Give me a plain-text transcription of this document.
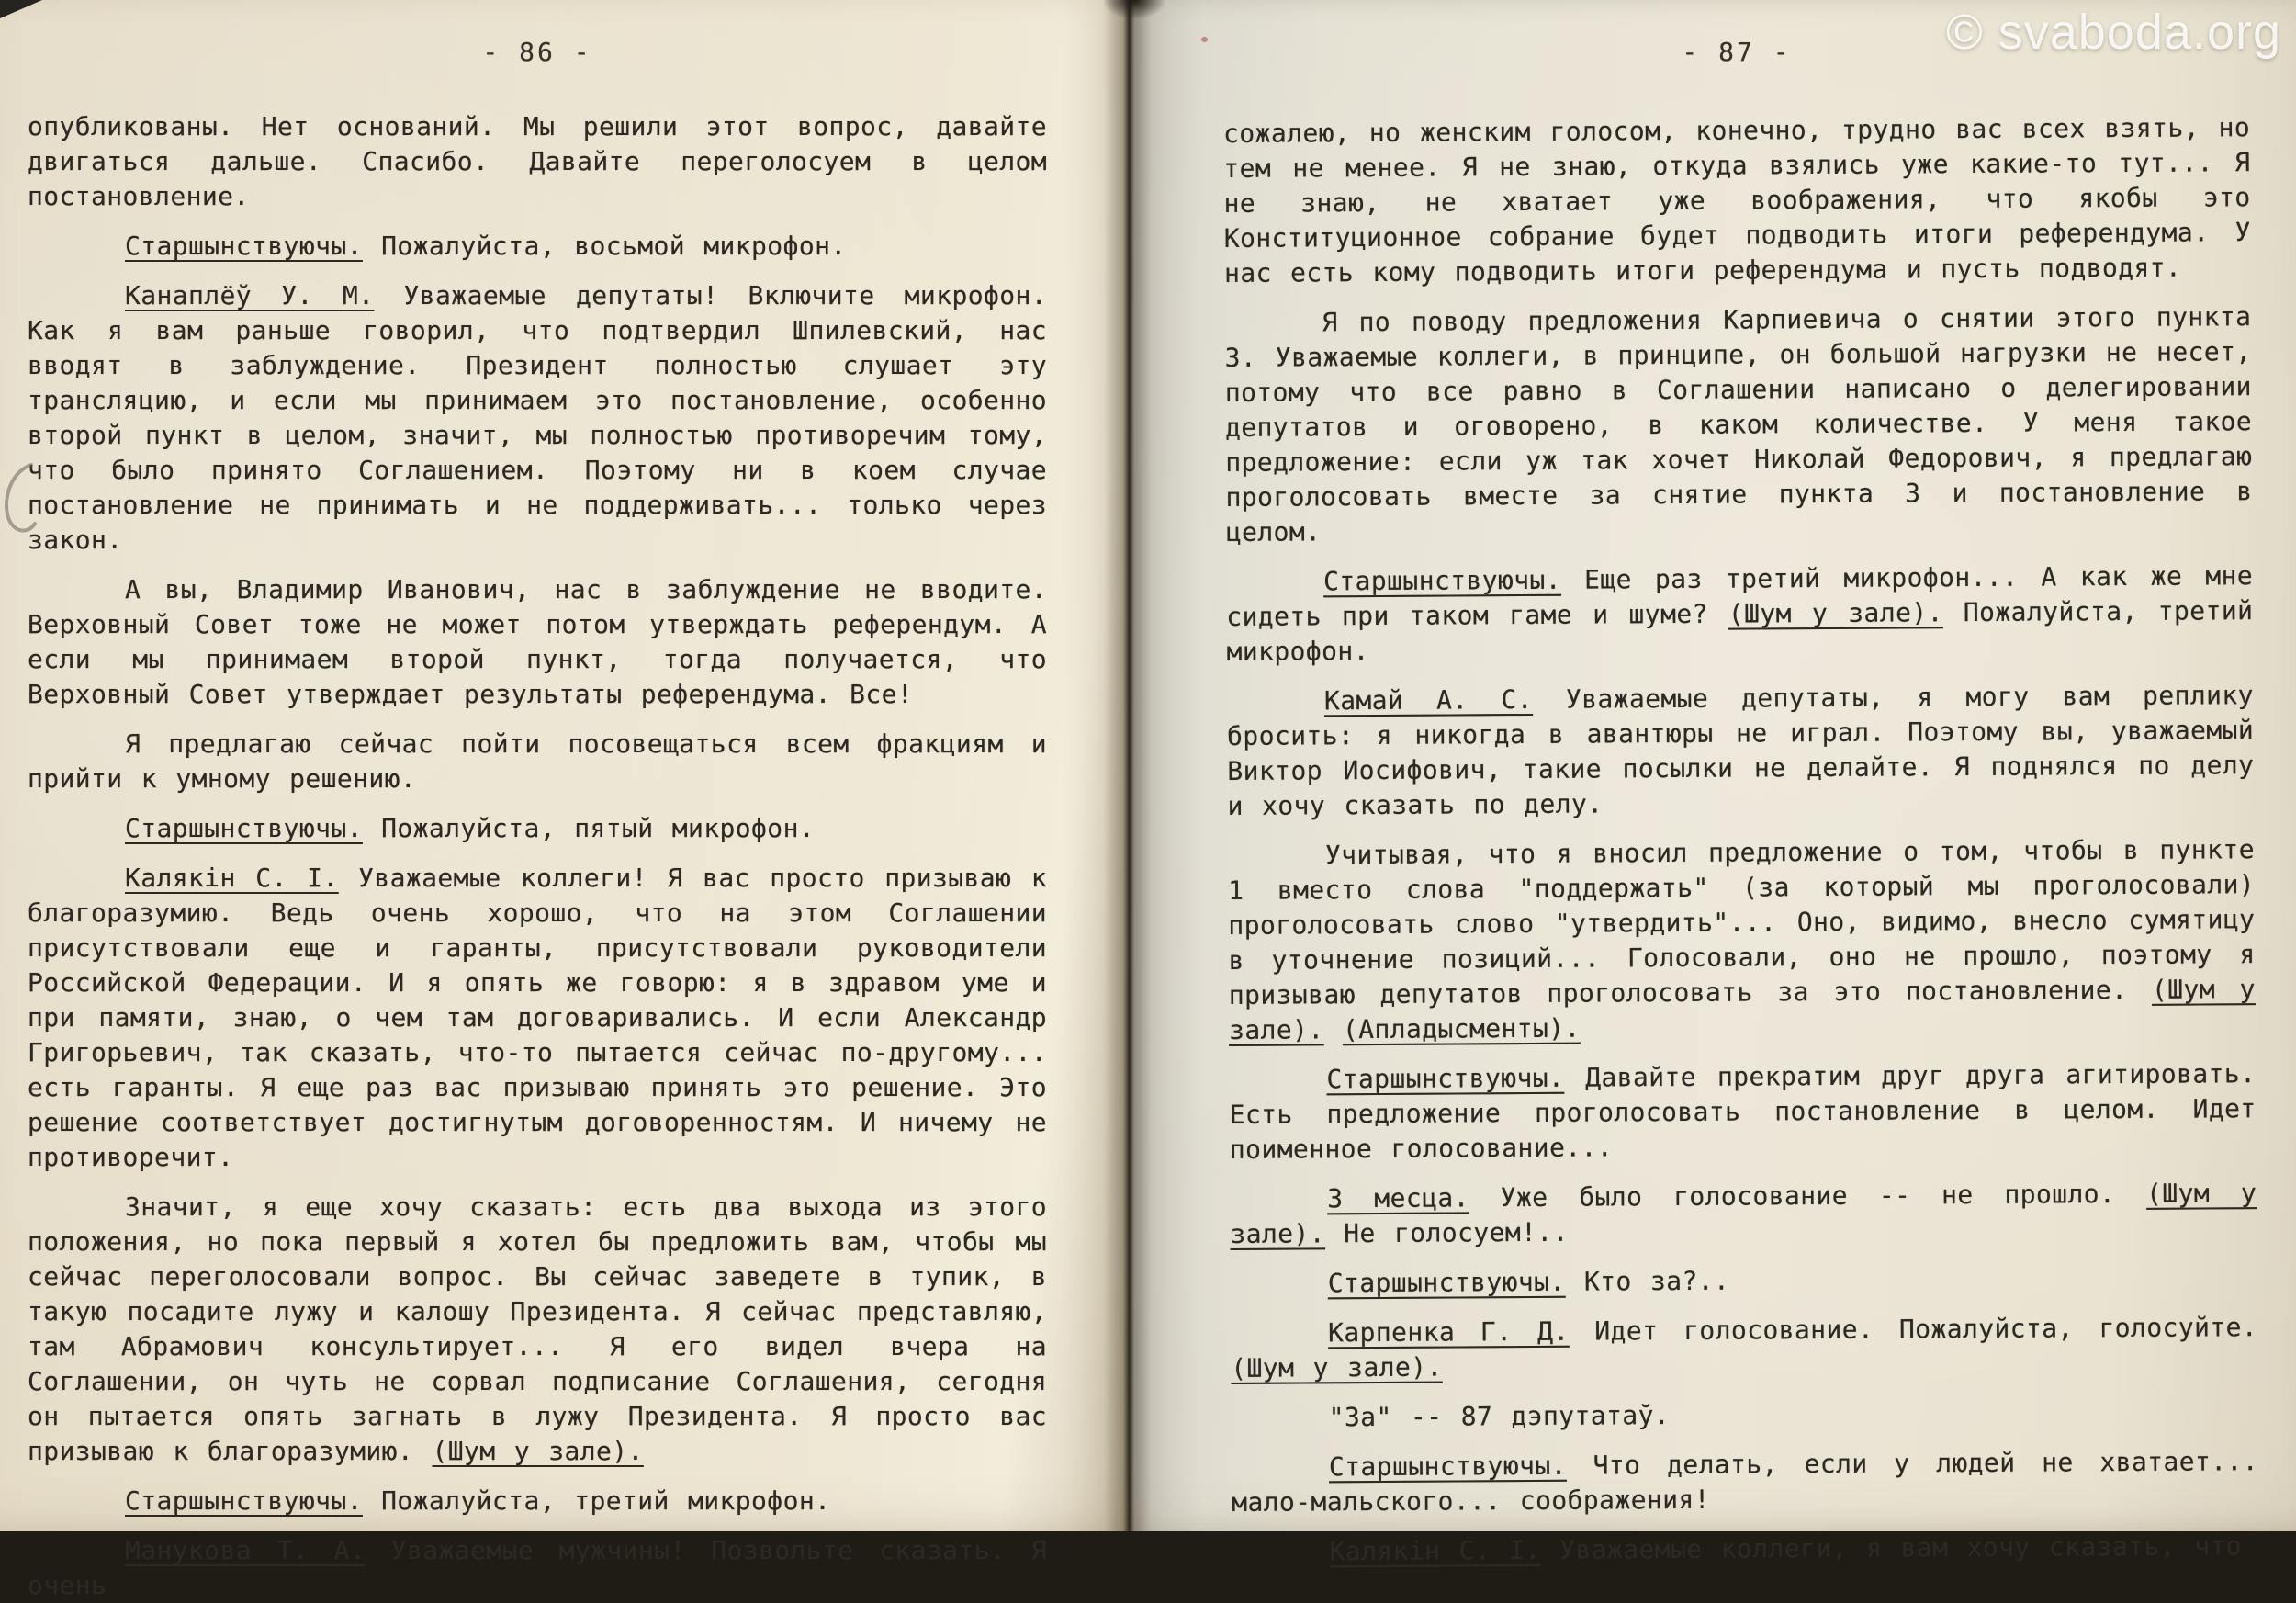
- 86 -

опубликованы. Нет оснований. Мы решили этот вопрос, давайте двигаться дальше. Спасибо. Давайте переголосуем в целом постановление.

Старшынствуючы. Пожалуйста, восьмой микрофон.

Канаплёў У. М. Уважаемые депутаты! Включите микрофон. Как я вам раньше говорил, что подтвердил Шпилевский, нас вводят в заблуждение. Президент полностью слушает эту трансляцию, и если мы принимаем это постановление, особенно второй пункт в целом, значит, мы полностью противоречим тому, что было принято Соглашением. Поэтому ни в коем случае постановление не принимать и не поддерживать... только через закон.

А вы, Владимир Иванович, нас в заблуждение не вводите. Верховный Совет тоже не может потом утверждать референдум. А если мы принимаем второй пункт, тогда получается, что Верховный Совет утверждает результаты референдума. Все!

Я предлагаю сейчас пойти посовещаться всем фракциям и прийти к умному решению.

Старшынствуючы. Пожалуйста, пятый микрофон.

Калякін С. І. Уважаемые коллеги! Я вас просто призываю к благоразумию. Ведь очень хорошо, что на этом Соглашении присутствовали еще и гаранты, присутствовали руководители Российской Федерации. И я опять же говорю: я в здравом уме и при памяти, знаю, о чем там договаривались. И если Александр Григорьевич, так сказать, что-то пытается сейчас по-другому... есть гаранты. Я еще раз вас призываю принять это решение. Это решение соответствует достигнутым договоренностям. И ничему не противоречит.

Значит, я еще хочу сказать: есть два выхода из этого положения, но пока первый я хотел бы предложить вам, чтобы мы сейчас переголосовали вопрос. Вы сейчас заведете в тупик, в такую посадите лужу и калошу Президента. Я сейчас представляю, там Абрамович консультирует... Я его видел вчера на Соглашении, он чуть не сорвал подписание Соглашения, сегодня он пытается опять загнать в лужу Президента. Я просто вас призываю к благоразумию. (Шум у зале).

Старшынствуючы. Пожалуйста, третий микрофон.

Манукова Т. А. Уважаемые мужчины! Позвольте сказать. Я очень

- 87 -

сожалею, но женским голосом, конечно, трудно вас всех взять, но тем не менее. Я не знаю, откуда взялись уже какие-то тут... Я не знаю, не хватает уже воображения, что якобы это Конституционное собрание будет подводить итоги референдума. У нас есть кому подводить итоги референдума и пусть подводят.

Я по поводу предложения Карпиевича о снятии этого пункта 3. Уважаемые коллеги, в принципе, он большой нагрузки не несет, потому что все равно в Соглашении написано о делегировании депутатов и оговорено, в каком количестве. У меня такое предложение: если уж так хочет Николай Федорович, я предлагаю проголосовать вместе за снятие пункта 3 и постановление в целом.

Старшынствуючы. Еще раз третий микрофон... А как же мне сидеть при таком гаме и шуме? (Шум у зале). Пожалуйста, третий микрофон.

Камай А. С. Уважаемые депутаты, я могу вам реплику бросить: я никогда в авантюры не играл. Поэтому вы, уважаемый Виктор Иосифович, такие посылки не делайте. Я поднялся по делу и хочу сказать по делу.

Учитывая, что я вносил предложение о том, чтобы в пункте 1 вместо слова "поддержать" (за который мы проголосовали) проголосовать слово "утвердить"... Оно, видимо, внесло сумятицу в уточнение позиций... Голосовали, оно не прошло, поэтому я призываю депутатов проголосовать за это постановление. (Шум у зале). (Апладысменты).

Старшынствуючы. Давайте прекратим друг друга агитировать. Есть предложение проголосовать постановление в целом. Идет поименное голосование...

З месца. Уже было голосование -- не прошло. (Шум у зале). Не голосуем!..

Старшынствуючы. Кто за?..

Карпенка Г. Д. Идет голосование. Пожалуйста, голосуйте. (Шум у зале).

"За" -- 87 дэпутатаў.

Старшынствуючы. Что делать, если у людей не хватает... мало-мальского... соображения!

Калякін С. І. Уважаемые коллеги, я вам хочу сказать, что

© svaboda.org
